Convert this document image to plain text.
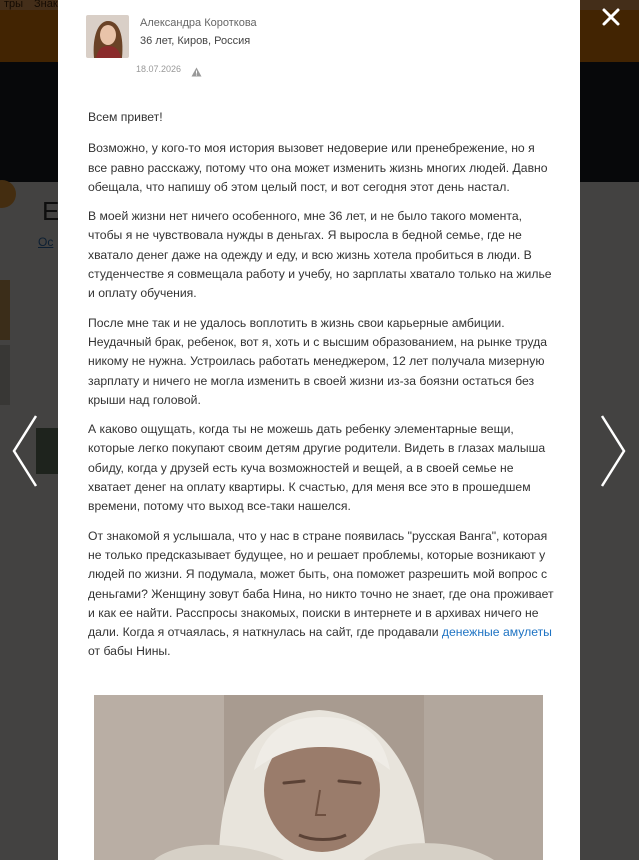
Александра Короткова
36 лет, Киров, Россия
18.07.2026

Всем привет!

Возможно, у кого-то моя история вызовет недоверие или пренебрежение, но я все равно расскажу, потому что она может изменить жизнь многих людей. Давно обещала, что напишу об этом целый пост, и вот сегодня этот день настал.

В моей жизни нет ничего особенного, мне 36 лет, и не было такого момента, чтобы я не чувствовала нужды в деньгах. Я выросла в бедной семье, где не хватало денег даже на одежду и еду, и всю жизнь хотела пробиться в люди. В студенчестве я совмещала работу и учебу, но зарплаты хватало только на жилье и оплату обучения.

После мне так и не удалось воплотить в жизнь свои карьерные амбиции. Неудачный брак, ребенок, вот я, хоть и с высшим образованием, на рынке труда никому не нужна. Устроилась работать менеджером, 12 лет получала мизерную зарплату и ничего не могла изменить в своей жизни из-за боязни остаться без крыши над головой.

А каково ощущать, когда ты не можешь дать ребенку элементарные вещи, которые легко покупают своим детям другие родители. Видеть в глазах малыша обиду, когда у друзей есть куча возможностей и вещей, а в своей семье не хватает денег на оплату квартиры. К счастью, для меня все это в прошедшем времени, потому что выход все-таки нашелся.

От знакомой я услышала, что у нас в стране появилась "русская Ванга", которая не только предсказывает будущее, но и решает проблемы, которые возникают у людей по жизни. Я подумала, может быть, она поможет разрешить мой вопрос с деньгами? Женщину зовут баба Нина, но никто точно не знает, где она проживает и как ее найти. Расспросы знакомых, поиски в интернете и в архивах ничего не дали. Когда я отчаялась, я наткнулась на сайт, где продавали денежные амулеты от бабы Нины.
